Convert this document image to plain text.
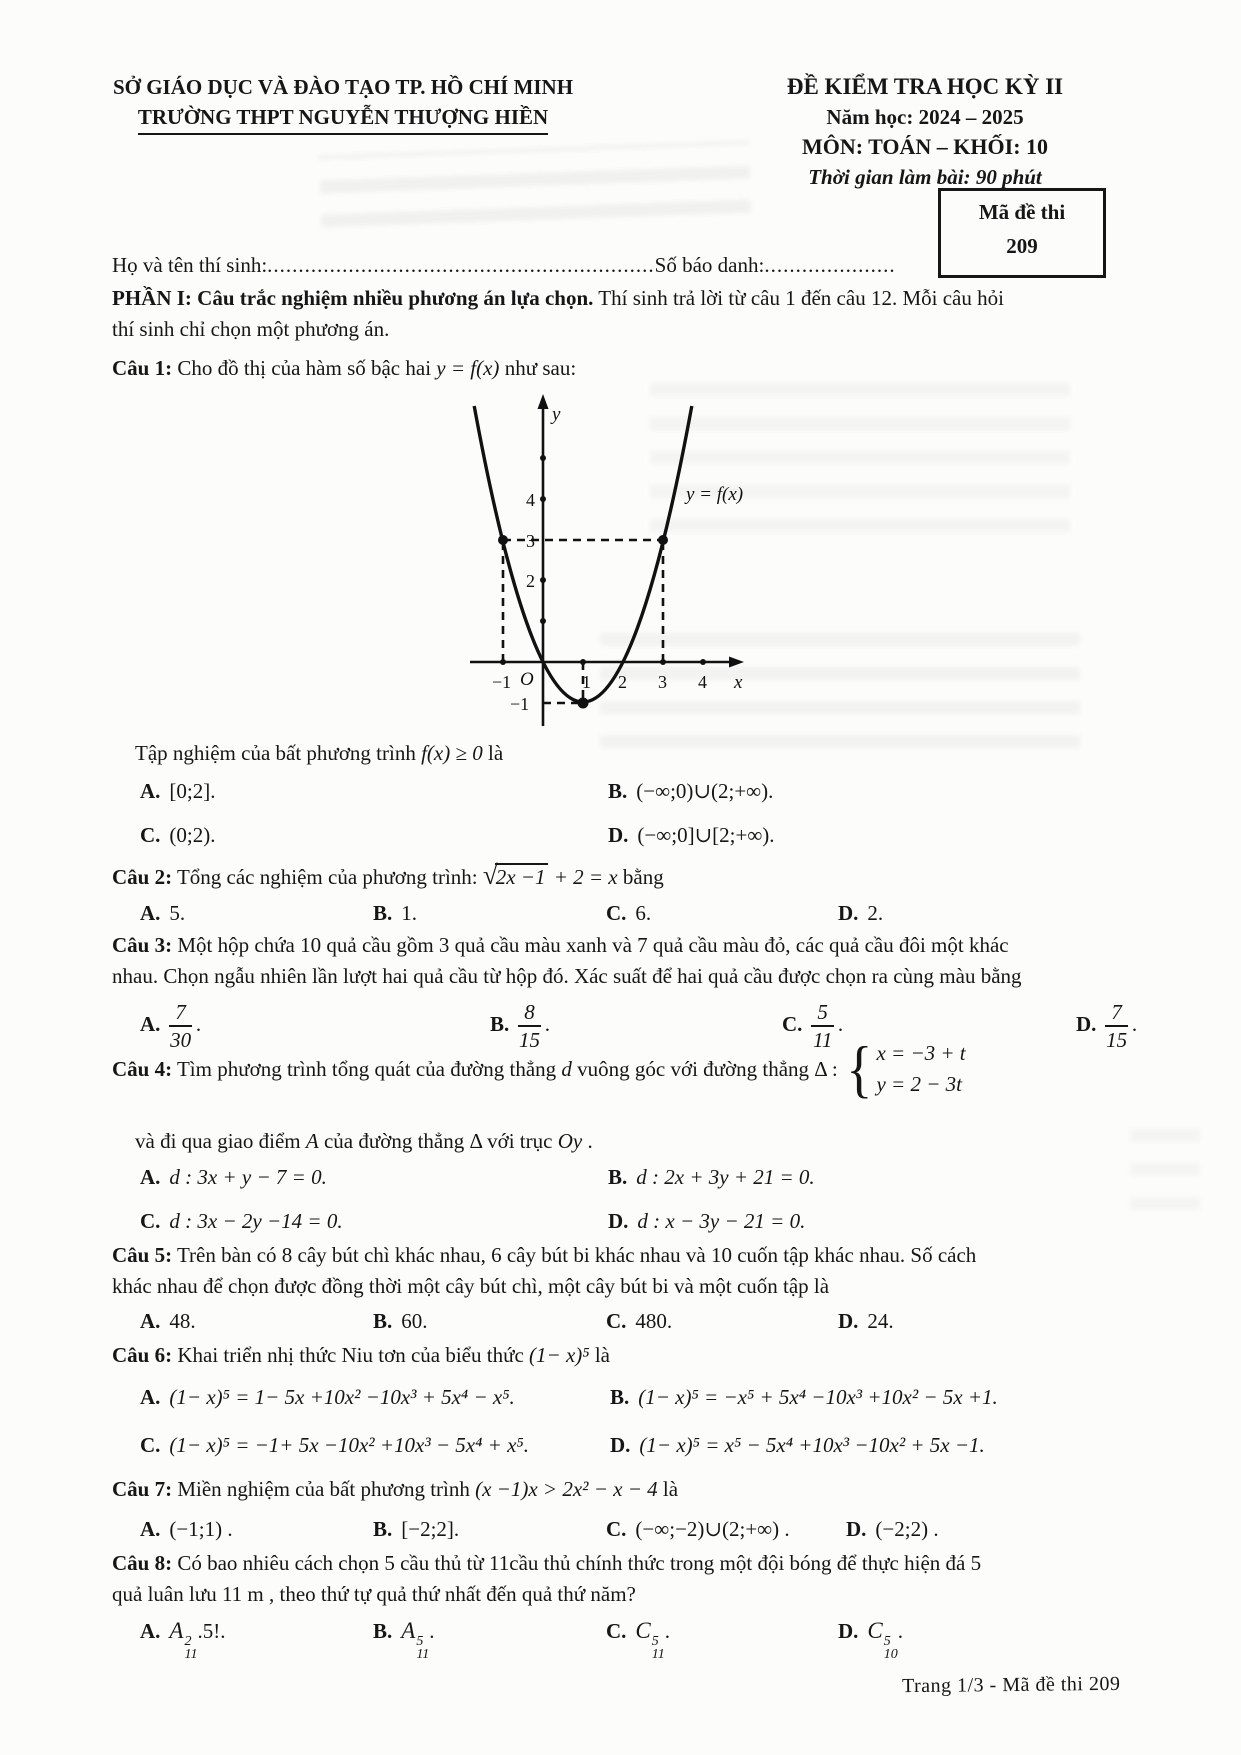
SỞ GIÁO DỤC VÀ ĐÀO TẠO TP. HỒ CHÍ MINH
TRƯỜNG THPT NGUYỄN THƯỢNG HIỀN
ĐỀ KIỂM TRA HỌC KỲ II
Năm học: 2024 – 2025
MÔN: TOÁN – KHỐI: 10
Thời gian làm bài: 90 phút
Mã đề thi
209
Họ và tên thí sinh:..............................................................Số báo danh:.....................
PHẦN I: Câu trắc nghiệm nhiều phương án lựa chọn. Thí sinh trả lời từ câu 1 đến câu 12. Mỗi câu hỏi
thí sinh chỉ chọn một phương án.
Câu 1: Cho đồ thị của hàm số bậc hai y = f(x) như sau:
y
x
O
−1	1 2 3 4
2
3
4
−1
y = f(x)
Tập nghiệm của bất phương trình f(x) ≥ 0 là
A. [0;2].	B. (−∞;0)∪(2;+∞).
C. (0;2).	D. (−∞;0]∪[2;+∞).
Câu 2: Tổng các nghiệm của phương trình: √2x −1 + 2 = x bằng
A. 5.	B. 1.	C. 6.	D. 2.
Câu 3: Một hộp chứa 10 quả cầu gồm 3 quả cầu màu xanh và 7 quả cầu màu đỏ, các quả cầu đôi một khác
nhau. Chọn ngẫu nhiên lần lượt hai quả cầu từ hộp đó. Xác suất để hai quả cầu được chọn ra cùng màu bằng
A. $\frac{7}{30}$ .	B. $\frac{8}{15}$ .	C. $\frac{5}{11}$ .	D. $\frac{7}{15}$ .
Câu 4: Tìm phương trình tổng quát của đường thẳng d vuông góc với đường thẳng Δ : { x = −3 + t
y = 2 − 3t
và đi qua giao điểm A của đường thẳng Δ với trục Oy .
A. d : 3x + y − 7 = 0.	B. d : 2x + 3y + 21 = 0.
C. d : 3x − 2y −14 = 0.	D. d : x − 3y − 21 = 0.
Câu 5: Trên bàn có 8 cây bút chì khác nhau, 6 cây bút bi khác nhau và 10 cuốn tập khác nhau. Số cách
khác nhau để chọn được đồng thời một cây bút chì, một cây bút bi và một cuốn tập là
A. 48.	B. 60.	C. 480.	D. 24.
Câu 6: Khai triển nhị thức Niu tơn của biểu thức (1− x)⁵ là
A. (1− x)⁵ = 1− 5x +10x² −10x³ + 5x⁴ − x⁵.	B. (1− x)⁵ = −x⁵ + 5x⁴ −10x³ +10x² − 5x +1.
C. (1− x)⁵ = −1+ 5x −10x² +10x³ − 5x⁴ + x⁵.	D. (1− x)⁵ = x⁵ − 5x⁴ +10x³ −10x² + 5x −1.
Câu 7: Miền nghiệm của bất phương trình (x −1)x > 2x² − x − 4 là
A. (−1;1) .	B. [−2;2].	C. (−∞;−2)∪(2;+∞) .	D. (−2;2) .
Câu 8: Có bao nhiêu cách chọn 5 cầu thủ từ 11cầu thủ chính thức trong một đội bóng để thực hiện đá 5
quả luân lưu 11 m , theo thứ tự quả thứ nhất đến quả thứ năm?
A. A 2
11
.5!.	B. A 5
11
.	C. C 5
11
.	D. C 5
10
.
Trang 1/3 - Mã đề thi 209
